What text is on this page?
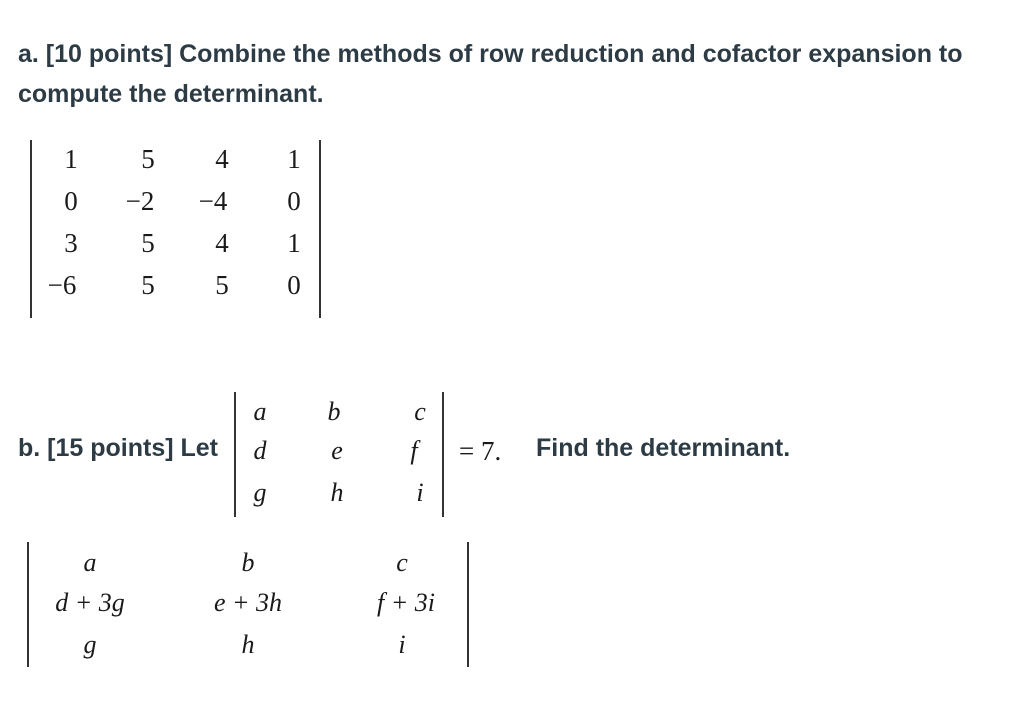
a. [10 points] Combine the methods of row reduction and cofactor expansion to compute the determinant.

1	5	4	1
0	−2	−4	0
3	5	4	1
−6	5	5	0
b. [15 points] Let
a	b	c
d	e	f
g	h	i
= 7. Find the determinant.
a	b	c
d + 3g	e + 3h	f + 3i
g	h	i
